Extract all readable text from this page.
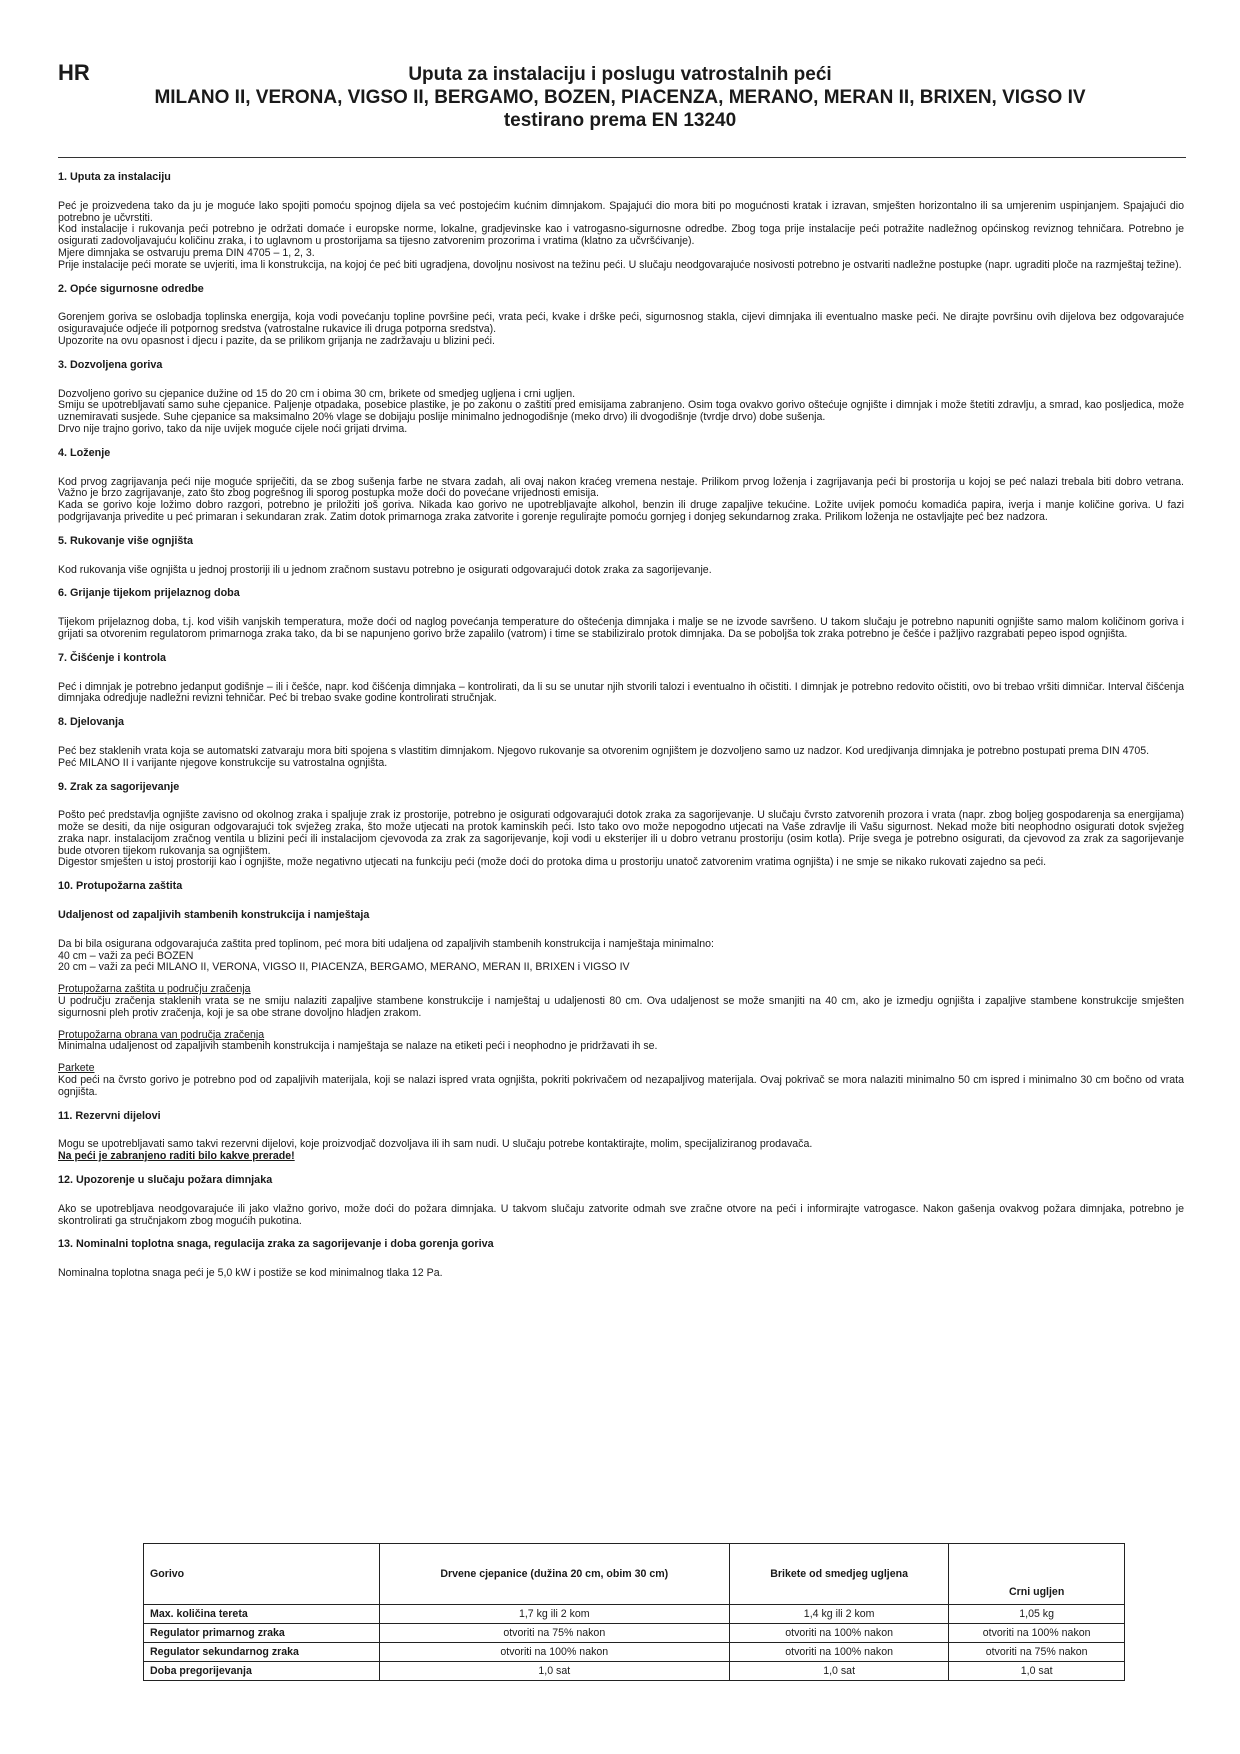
HR	Uputa za instalaciju i poslugu vatrostalnih peći
MILANO II, VERONA, VIGSO II, BERGAMO, BOZEN, PIACENZA, MERANO, MERAN II, BRIXEN, VIGSO IV
testirano prema EN 13240
1. Uputa za instalaciju
Peć je proizvedena tako da ju je moguće lako spojiti pomoću spojnog dijela sa već postojećim kućnim dimnjakom. Spajajući dio mora biti po mogućnosti kratak i izravan, smješten horizontalno ili sa umjerenim uspinjanjem. Spajajući dio potrebno je učvrstiti.
Kod instalacije i rukovanja peći potrebno je održati domaće i europske norme, lokalne, gradjevinske kao i vatrogasno-sigurnosne odredbe. Zbog toga prije instalacije peći potražite nadležnog općinskog reviznog tehničara. Potrebno je osigurati zadovoljavajuću količinu zraka, i to uglavnom u prostorijama sa tijesno zatvorenim prozorima i vratima (klatno za učvršćivanje).
Mjere dimnjaka se ostvaruju prema DIN 4705 – 1, 2, 3.
Prije instalacije peći morate se uvjeriti, ima li konstrukcija, na kojoj će peć biti ugradjena, dovoljnu nosivost na težinu peći. U slučaju neodgovarajuće nosivosti potrebno je ostvariti nadležne postupke (napr. ugraditi ploče na razmještaj težine).
2. Opće sigurnosne odredbe
Gorenjem goriva se oslobadja toplinska energija, koja vodi povećanju topline površine peći, vrata peći, kvake i drške peći, sigurnosnog stakla, cijevi dimnjaka ili eventualno maske peći. Ne dirajte površinu ovih dijelova bez odgovarajuće osiguravajuće odjeće ili potpornog sredstva (vatrostalne rukavice ili druga potporna sredstva).
Upozorite na ovu opasnost i djecu i pazite, da se prilikom grijanja ne zadržavaju u blizini peći.
3. Dozvoljena goriva
Dozvoljeno gorivo su cjepanice dužine od 15 do 20 cm i obima 30 cm, brikete od smedjeg ugljena i crni ugljen.
Smiju se upotrebljavati samo suhe cjepanice. Paljenje otpadaka, posebice plastike, je po zakonu o zaštiti pred emisijama zabranjeno. Osim toga ovakvo gorivo oštećuje ognjište i dimnjak i može štetiti zdravlju, a smrad, kao posljedica, može uznemiravati susjede. Suhe cjepanice sa maksimalno 20% vlage se dobijaju poslije minimalno jednogodišnje (meko drvo) ili dvogodišnje (tvrdje drvo) dobe sušenja.
Drvo nije trajno gorivo, tako da nije uvijek moguće cijele noći grijati drvima.
4. Loženje
Kod prvog zagrijavanja peći nije moguće spriječiti, da se zbog sušenja farbe ne stvara zadah, ali ovaj nakon kraćeg vremena nestaje. Prilikom prvog loženja i zagrijavanja peći bi prostorija u kojoj se peć nalazi trebala biti dobro vetrana. Važno je brzo zagrijavanje, zato što zbog pogrešnog ili sporog postupka može doći do povećane vrijednosti emisija.
Kada se gorivo koje ložimo dobro razgori, potrebno je priložiti još goriva. Nikada kao gorivo ne upotrebljavajte alkohol, benzin ili druge zapaljive tekućine. Ložite uvijek pomoću komadića papira, iverja i manje količine goriva. U fazi podgrijavanja privedite u peć primaran i sekundaran zrak. Zatim dotok primarnoga zraka zatvorite i gorenje regulirajte pomoću gornjeg i donjeg sekundarnog zraka. Prilikom loženja ne ostavljajte peć bez nadzora.
5. Rukovanje više ognjišta
Kod rukovanja više ognjišta u jednoj prostoriji ili u jednom zračnom sustavu potrebno je osigurati odgovarajući dotok zraka za sagorijevanje.
6. Grijanje tijekom prijelaznog doba
Tijekom prijelaznog doba, t.j. kod viših vanjskih temperatura, može doći od naglog povećanja temperature do oštećenja dimnjaka i malje se ne izvode savršeno. U takom slučaju je potrebno napuniti ognjište samo malom količinom goriva i grijati sa otvorenim regulatorom primarnoga zraka tako, da bi se napunjeno gorivo brže zapalilo (vatrom) i time se stabiliziralo protok dimnjaka. Da se poboljša tok zraka potrebno je češće i pažljivo razgrabati pepeo ispod ognjišta.
7. Čišćenje i kontrola
Peć i dimnjak je potrebno jedanput godišnje – ili i češće, napr. kod čišćenja dimnjaka – kontrolirati, da li su se unutar njih stvorili talozi i eventualno ih očistiti. I dimnjak je potrebno redovito očistiti, ovo bi trebao vršiti dimničar. Interval čišćenja dimnjaka odredjuje nadležni revizni tehničar. Peć bi trebao svake godine kontrolirati stručnjak.
8. Djelovanja
Peć bez staklenih vrata koja se automatski zatvaraju mora biti spojena s vlastitim dimnjakom. Njegovo rukovanje sa otvorenim ognjištem je dozvoljeno samo uz nadzor. Kod uredjivanja dimnjaka je potrebno postupati prema DIN 4705.
Peć MILANO II i varijante njegove konstrukcije su vatrostalna ognjišta.
9. Zrak za sagorijevanje
Pošto peć predstavlja ognjište zavisno od okolnog zraka i spaljuje zrak iz prostorije, potrebno je osigurati odgovarajući dotok zraka za sagorijevanje. U slučaju čvrsto zatvorenih prozora i vrata (napr. zbog boljeg gospodarenja sa energijama) može se desiti, da nije osiguran odgovarajući tok svježeg zraka, što može utjecati na protok kaminskih peći. Isto tako ovo može nepogodno utjecati na Vaše zdravlje ili Vašu sigurnost. Nekad može biti neophodno osigurati dotok svježeg zraka napr. instalacijom zračnog ventila u blizini peći ili instalacijom cjevovoda za zrak za sagorijevanje, koji vodi u eksterijer ili u dobro vetranu prostoriju (osim kotla). Prije svega je potrebno osigurati, da cjevovod za zrak za sagorijevanje bude otvoren tijekom rukovanja sa ognjištem.
Digestor smješten u istoj prostoriji kao i ognjište, može negativno utjecati na funkciju peći (može doći do protoka dima u prostoriju unatoč zatvorenim vratima ognjišta) i ne smje se nikako rukovati zajedno sa peći.
10. Protupožarna zaštita
Udaljenost od zapaljivih stambenih konstrukcija i namještaja
Da bi bila osigurana odgovarajuća zaštita pred toplinom, peć mora biti udaljena od zapaljivih stambenih konstrukcija i namještaja minimalno:
40 cm – važi za peći BOZEN
20 cm – važi za peći MILANO II, VERONA, VIGSO II, PIACENZA, BERGAMO, MERANO, MERAN II, BRIXEN i VIGSO IV
Protupožarna zaštita u području zračenja
U području zračenja staklenih vrata se ne smiju nalaziti zapaljive stambene konstrukcije i namještaj u udaljenosti 80 cm. Ova udaljenost se može smanjiti na 40 cm, ako je izmedju ognjišta i zapaljive stambene konstrukcije smješten sigurnosni pleh protiv zračenja, koji je sa obe strane dovoljno hladjen zrakom.
Protupožarna obrana van područja zračenja
Minimalna udaljenost od zapaljivih stambenih konstrukcija i namještaja se nalaze na etiketi peći i neophodno je pridržavati ih se.
Parkete
Kod peći na čvrsto gorivo je potrebno pod od zapaljivih materijala, koji se nalazi ispred vrata ognjišta, pokriti pokrivačem od nezapaljivog materijala. Ovaj pokrivač se mora nalaziti minimalno 50 cm ispred i minimalno 30 cm bočno od vrata ognjišta.
11. Rezervni dijelovi
Mogu se upotrebljavati samo takvi rezervni dijelovi, koje proizvodjač dozvoljava ili ih sam nudi. U slučaju potrebe kontaktirajte, molim, specijaliziranog prodavača.
Na peći je zabranjeno raditi bilo kakve prerade!
12. Upozorenje u slučaju požara dimnjaka
Ako se upotrebljava neodgovarajuće ili jako vlažno gorivo, može doći do požara dimnjaka. U takvom slučaju zatvorite odmah sve zračne otvore na peći i informirajte vatrogasce. Nakon gašenja ovakvog požara dimnjaka, potrebno je skontrolirati ga stručnjakom zbog mogućih pukotina.
13. Nominalni toplotna snaga, regulacija zraka za sagorijevanje i doba gorenja goriva
Nominalna toplotna snaga peći je 5,0 kW i postiže se kod minimalnog tlaka 12 Pa.
Gorivo	Drvene cjepanice (dužina 20 cm, obim 30 cm)	Brikete od smedjeg ugljena	Crni ugljen
Max. količina tereta	1,7 kg ili 2 kom	1,4 kg ili 2 kom	1,05 kg
Regulator primarnog zraka	otvoriti na 75% nakon	otvoriti na 100% nakon	otvoriti na 100% nakon
Regulator sekundarnog zraka	otvoriti na 100% nakon	otvoriti na 100% nakon	otvoriti na 75% nakon
Doba pregorijevanja	1,0 sat	1,0 sat	1,0 sat
